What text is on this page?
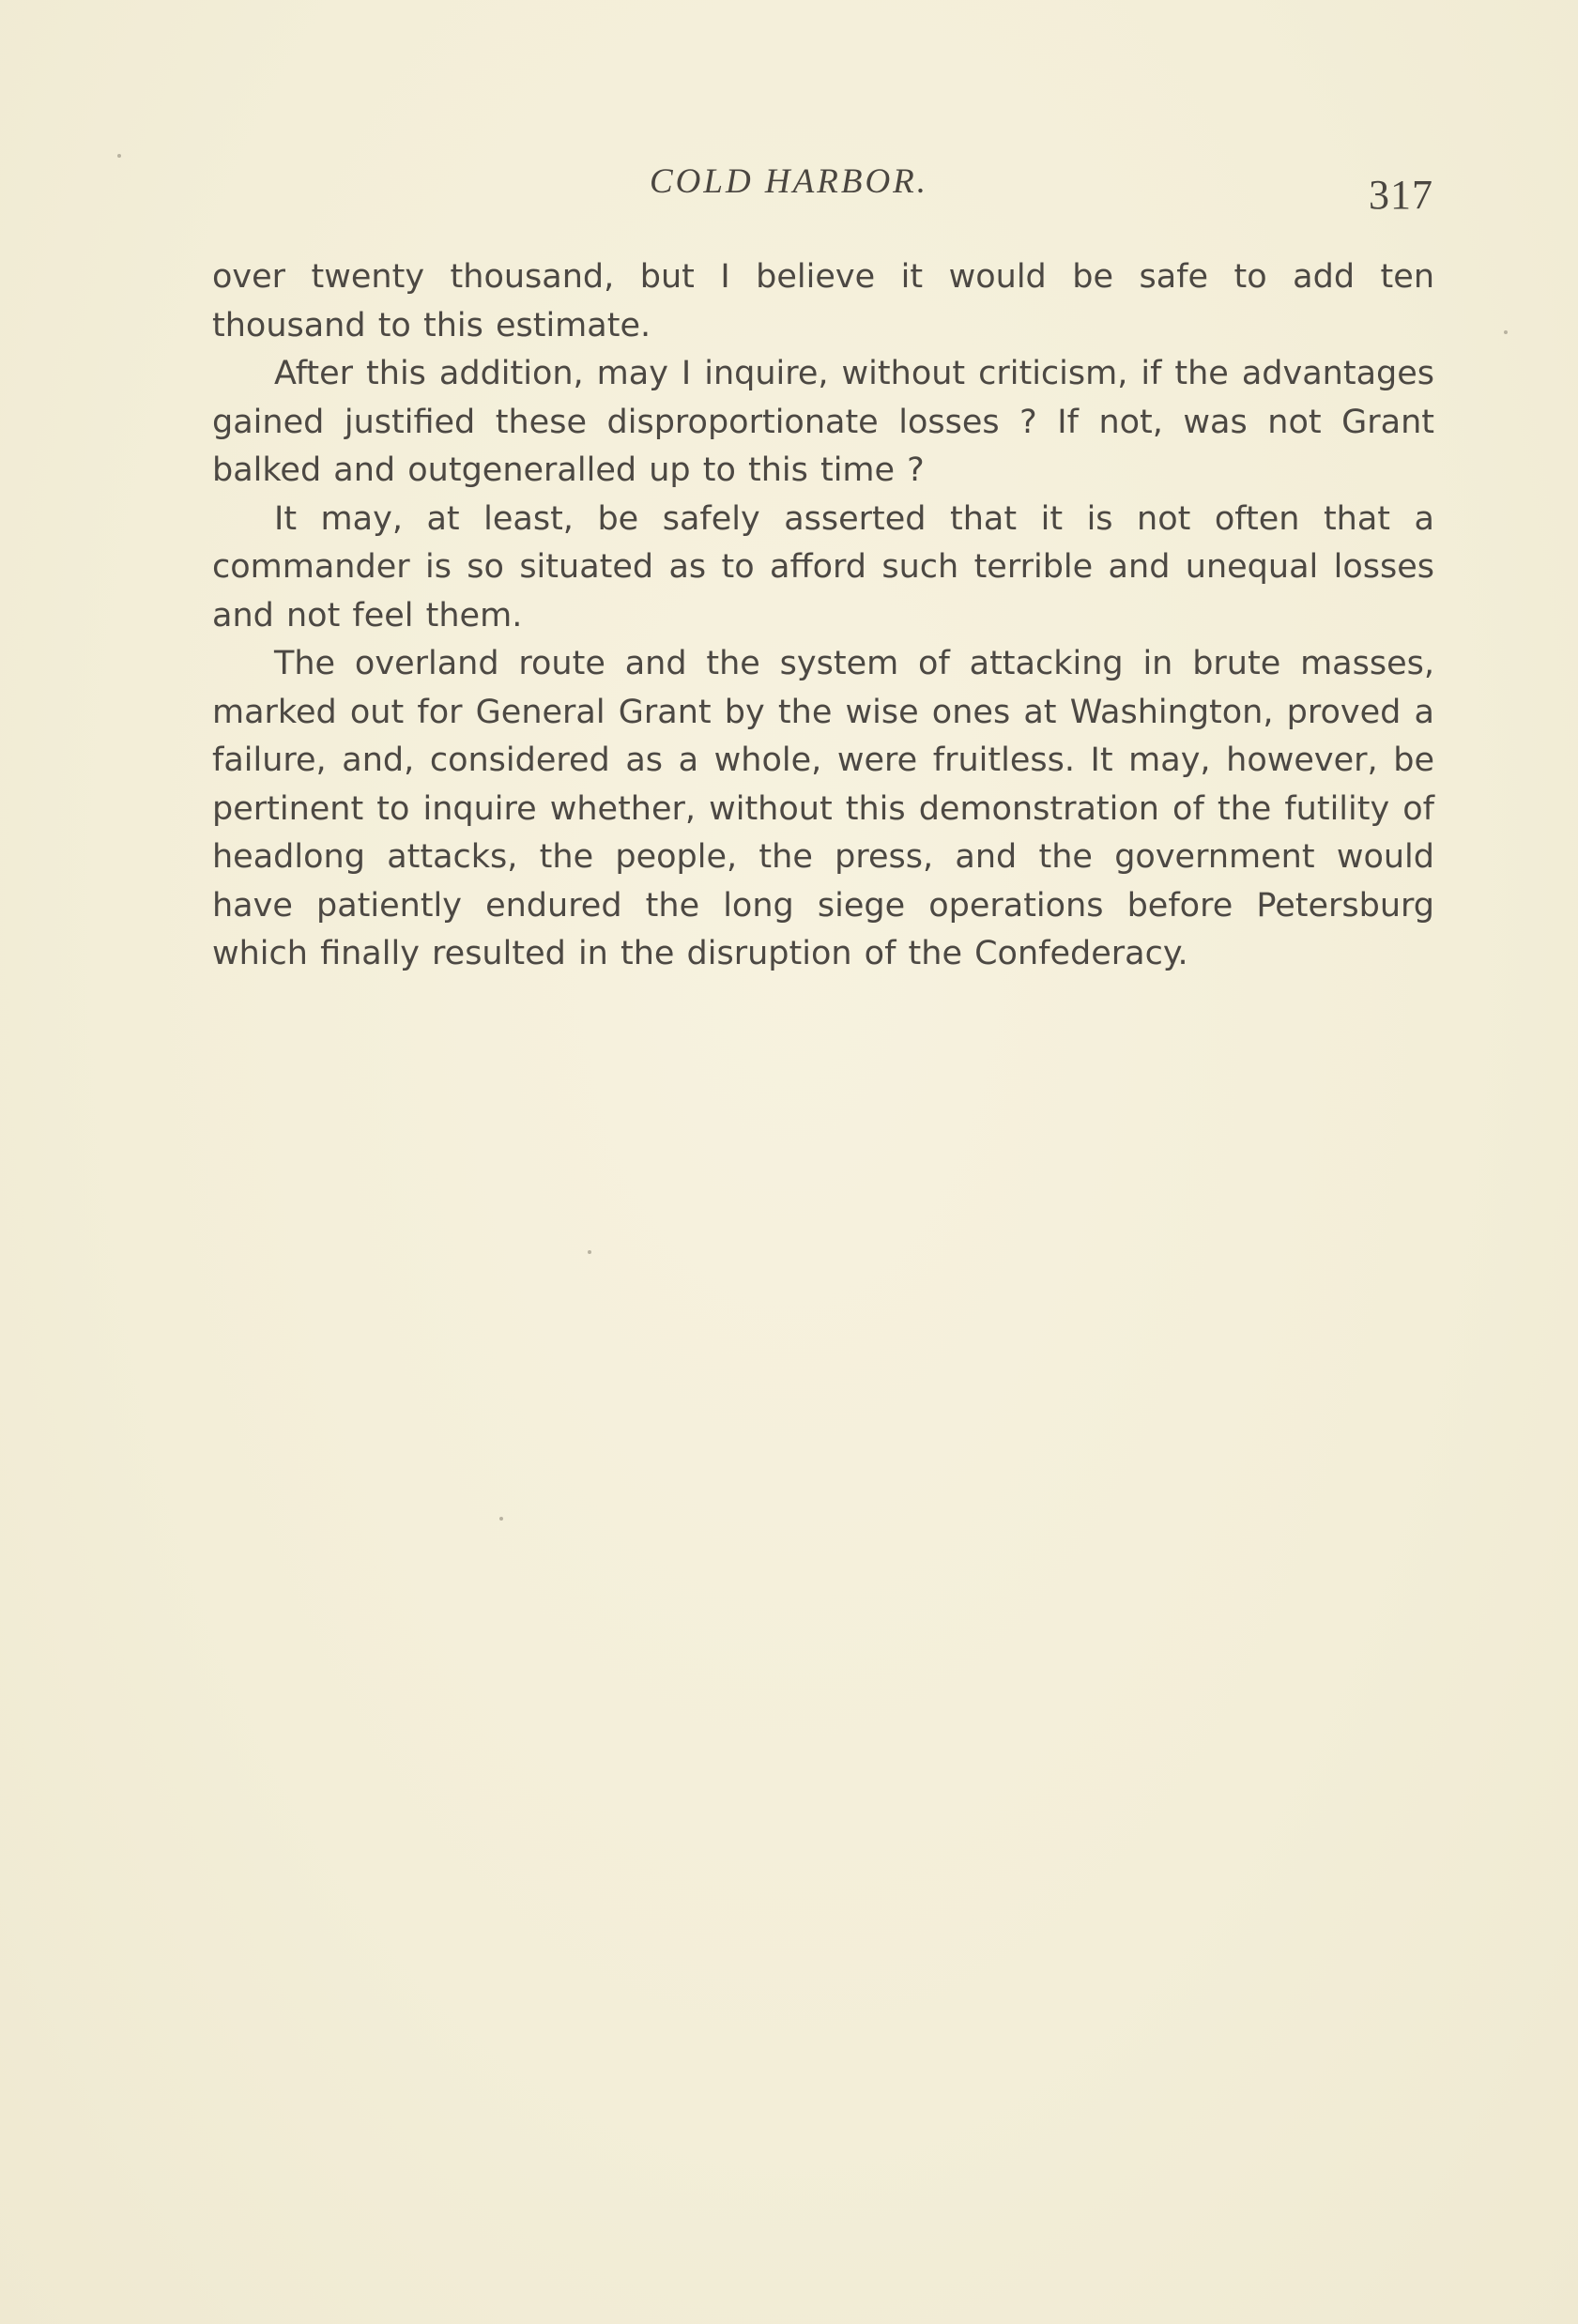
COLD HARBOR.	317

over twenty thousand, but I believe it would be safe to add ten thousand to this estimate.

After this addition, may I inquire, without criticism, if the advantages gained justified these disproportionate losses ? If not, was not Grant balked and outgeneralled up to this time ?

It may, at least, be safely asserted that it is not often that a commander is so situated as to afford such terrible and unequal losses and not feel them.

The overland route and the system of attacking in brute masses, marked out for General Grant by the wise ones at Washington, proved a failure, and, considered as a whole, were fruitless. It may, however, be pertinent to inquire whether, without this demonstration of the futility of headlong attacks, the people, the press, and the government would have patiently endured the long siege operations before Petersburg which finally resulted in the disruption of the Confederacy.
